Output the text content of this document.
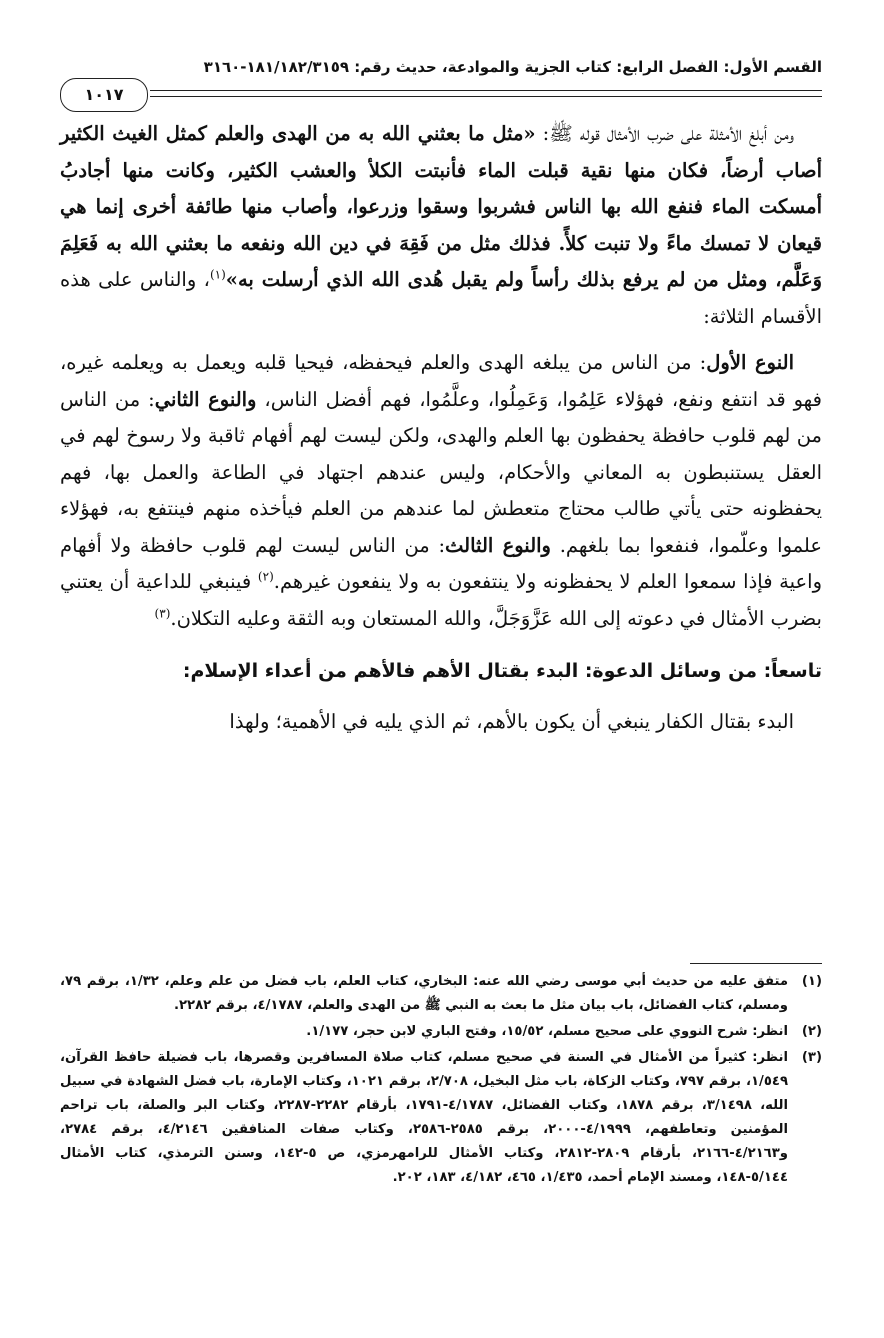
القسم الأول: الفصل الرابع: كتاب الجزية والموادعة، حديث رقم: ١٨١/١٨٢/٣١٥٩-٣١٦٠
١٠١٧

ومن أبلغ الأمثلة على ضرب الأمثال قوله ﷺ: «مثل ما بعثني الله به من الهدى والعلم كمثل الغيث الكثير أصاب أرضاً، فكان منها نقية قبلت الماء فأنبتت الكلأ والعشب الكثير، وكانت منها أجادبُ أمسكت الماء فنفع الله بها الناس فشربوا وسقوا وزرعوا، وأصاب منها طائفة أخرى إنما هي قيعان لا تمسك ماءً ولا تنبت كلأً. فذلك مثل من فَقِهَ في دين الله ونفعه ما بعثني الله به فَعَلِمَ وَعَلَّم، ومثل من لم يرفع بذلك رأساً ولم يقبل هُدى الله الذي أرسلت به»$^{(١)}$، والناس على هذه الأقسام الثلاثة:

النوع الأول: من الناس من يبلغه الهدى والعلم فيحفظه، فيحيا قلبه ويعمل به ويعلمه غيره، فهو قد انتفع ونفع، فهؤلاء عَلِمُوا، وَعَمِلُوا، وعلَّمُوا، فهم أفضل الناس، والنوع الثاني: من الناس من لهم قلوب حافظة يحفظون بها العلم والهدى، ولكن ليست لهم أفهام ثاقبة ولا رسوخ لهم في العقل يستنبطون به المعاني والأحكام، وليس عندهم اجتهاد في الطاعة والعمل بها، فهم يحفظونه حتى يأتي طالب محتاج متعطش لما عندهم من العلم فيأخذه منهم فينتفع به، فهؤلاء علموا وعلّموا، فنفعوا بما بلغهم. والنوع الثالث: من الناس ليست لهم قلوب حافظة ولا أفهام واعية فإذا سمعوا العلم لا يحفظونه ولا ينتفعون به ولا ينفعون غيرهم.$^{(٢)}$ فينبغي للداعية أن يعتني بضرب الأمثال في دعوته إلى الله عَزَّوَجَلَّ، والله المستعان وبه الثقة وعليه التكلان.$^{(٣)}$

تاسعاً: من وسائل الدعوة: البدء بقتال الأهم فالأهم من أعداء الإسلام:

البدء بقتال الكفار ينبغي أن يكون بالأهم، ثم الذي يليه في الأهمية؛ ولهذا

(١)
متفق عليه من حديث أبي موسى رضي الله عنه: البخاري، كتاب العلم، باب فضل من علم وعلم، ١/٣٢، برقم ٧٩، ومسلم، كتاب الفضائل، باب بيان مثل ما بعث به النبي ﷺ من الهدى والعلم، ٤/١٧٨٧، برقم ٢٢٨٢.
(٢)
انظر: شرح النووي على صحيح مسلم، ١٥/٥٢، وفتح الباري لابن حجر، ١/١٧٧.
(٣)
انظر: كثيراً من الأمثال في السنة في صحيح مسلم، كتاب صلاة المسافرين وقصرها، باب فضيلة حافظ القرآن، ١/٥٤٩، برقم ٧٩٧، وكتاب الزكاة، باب مثل البخيل، ٢/٧٠٨، برقم ١٠٢١، وكتاب الإمارة، باب فضل الشهادة في سبيل الله، ٣/١٤٩٨، برقم ١٨٧٨، وكتاب الفضائل، ٤/١٧٨٧-١٧٩١، بأرقام ٢٢٨٢-٢٢٨٧، وكتاب البر والصلة، باب تراحم المؤمنين وتعاطفهم، ٤/١٩٩٩-٢٠٠٠، برقم ٢٥٨٥-٢٥٨٦، وكتاب صفات المنافقين ٤/٢١٤٦، برقم ٢٧٨٤، و٤/٢١٦٣-٢١٦٦، بأرقام ٢٨٠٩-٢٨١٢، وكتاب الأمثال للرامهرمزي، ص ٥-١٤٢، وسنن الترمذي، كتاب الأمثال ٥/١٤٤-١٤٨، ومسند الإمام أحمد، ١/٤٣٥، ٤٦٥، ٤/١٨٢، ١٨٣، ٢٠٢.
